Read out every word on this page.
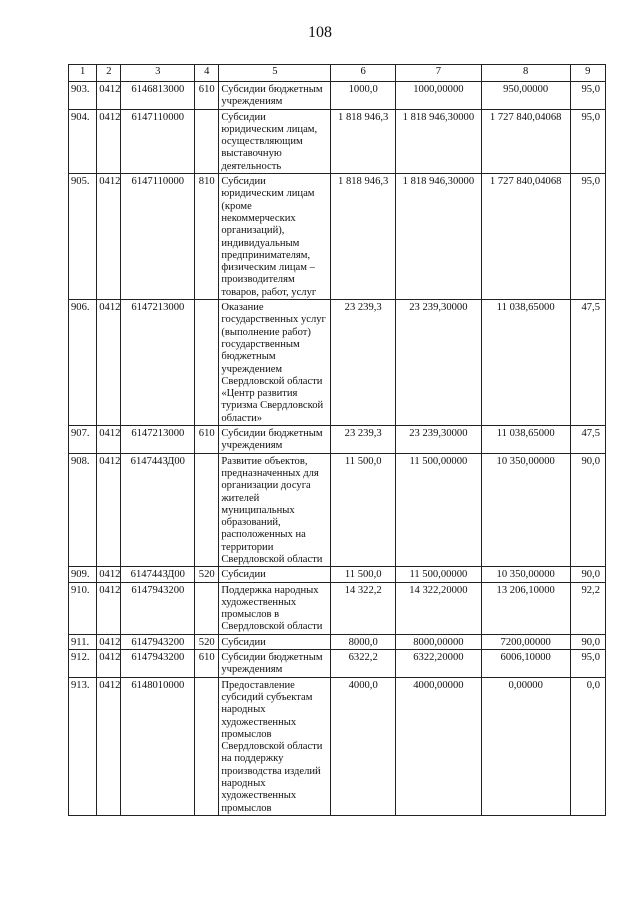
108
1	2	3	4	5	6	7	8	9
903.	0412	6146813000	610	Субсидии бюджетным учреждениям	1000,0	1000,00000	950,00000	95,0
904.	0412	6147110000		Субсидии юридическим лицам, осуществляющим выставочную деятельность	1 818 946,3	1 818 946,30000	1 727 840,04068	95,0
905.	0412	6147110000	810	Субсидии юридическим лицам (кроме некоммерческих организаций), индивидуальным предпринимателям, физическим лицам – производителям товаров, работ, услуг	1 818 946,3	1 818 946,30000	1 727 840,04068	95,0
906.	0412	6147213000		Оказание государственных услуг (выполнение работ) государственным бюджетным учреждением Свердловской области «Центр развития туризма Свердловской области»	23 239,3	23 239,30000	11 038,65000	47,5
907.	0412	6147213000	610	Субсидии бюджетным учреждениям	23 239,3	23 239,30000	11 038,65000	47,5
908.	0412	614744ЗД00		Развитие объектов, предназначенных для организации досуга жителей муниципальных образований, расположенных на территории Свердловской области	11 500,0	11 500,00000	10 350,00000	90,0
909.	0412	614744ЗД00	520	Субсидии	11 500,0	11 500,00000	10 350,00000	90,0
910.	0412	6147943200		Поддержка народных художественных промыслов в Свердловской области	14 322,2	14 322,20000	13 206,10000	92,2
911.	0412	6147943200	520	Субсидии	8000,0	8000,00000	7200,00000	90,0
912.	0412	6147943200	610	Субсидии бюджетным учреждениям	6322,2	6322,20000	6006,10000	95,0
913.	0412	6148010000		Предоставление субсидий субъектам народных художественных промыслов Свердловской области на поддержку производства изделий народных художественных промыслов	4000,0	4000,00000	0,00000	0,0
